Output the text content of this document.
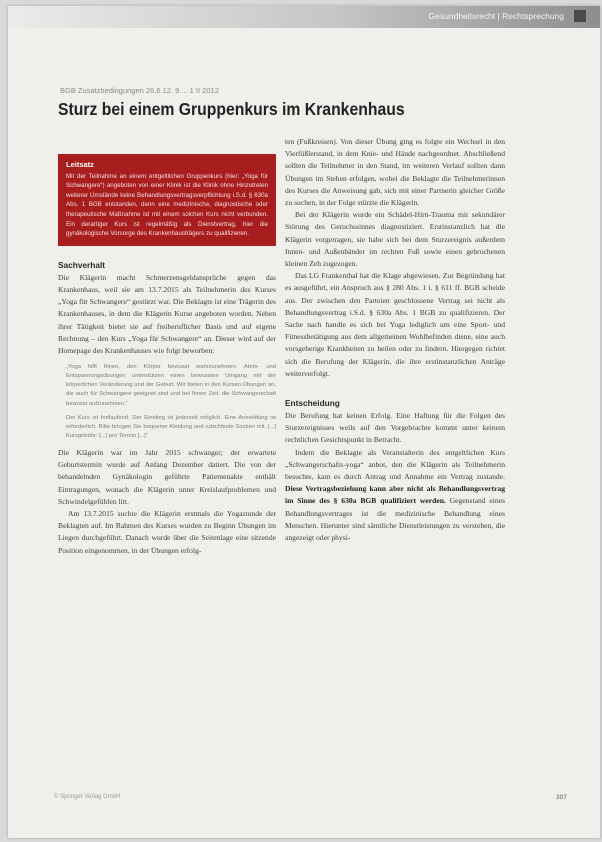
Gesundheitsrecht | Rechtsprechung
BGB Zusatzbedingungen 26.6.12. 9 ... 1 II 2012
Sturz bei einem Gruppenkurs im Krankenhaus
Leitsatz

Mit der Teilnahme an einem entgeltlichen Gruppenkurs (hier: „Yoga für Schwangere“) angeboten von einer Klinik ist die Klinik ohne Hinzutreten weiterer Umstände keine Behandlungsvertragsverpflichtung i.S.d. § 630a Abs. 1 BGB entstanden, denn eine medizinische, diagnostische oder therapeutische Maßnahme ist mit einem solchen Kurs nicht verbunden. Ein derartiger Kurs ist regelmäßig als Dienstvertrag, hier die gynäkologische Vorsorge des Krankenhausträgers zu qualifizieren.

Sachverhalt

Die Klägerin macht Schmerzensgeldansprüche gegen das Krankenhaus, weil sie am 13.7.2015 als Teilnehmerin des Kurses „Yoga für Schwangere“ gestürzt war. Die Beklagte ist eine Trägerin des Krankenhauses, in dem die Klägerin Kurse angeboten worden. Neben ihrer Tätigkeit bietet sie auf freiberuflicher Basis und auf eigene Rechnung – den Kurs „Yoga für Schwangere“ an. Dieser wird auf der Homepage des Krankenhauses wie folgt beworben:

„Yoga hilft Ihnen, den Körper bewusst wahrzunehmen. Atem- und Entspannungsübungen unterstützen einen bewussten Umgang mit der körperlichen Veränderung und der Geburt. Wir bieten in den Kursen Übungen an, die auch für Schwangere geeignet sind und bei Ihnen Zeit, die Schwangerschaft bewusst aufzunehmen.“

Der Kurs ist fortlaufend. Der Einstieg ist jederzeit möglich. Eine Anmeldung ist erforderlich. Bitte bringen Sie bequeme Kleidung und rutschfeste Socken mit. [...] Kursgebühr: [...] pro Termin [...]“

Die Klägerin war im Jahr 2015 schwanger; der erwartete Geburtstermin wurde auf Anfang Dezember datiert. Die von der behandelnden Gynäkologin geführte Patientenakte enthält Eintragungen, wonach die Klägerin unter Kreislaufproblemen und Schwindelgefühlen litt.

Am 13.7.2015 suchte die Klägerin erstmals die Yogastunde der Beklagten auf. Im Rahmen des Kurses wurden zu Beginn Übungen im Liegen durchgeführt. Danach wurde über die Seitenlage eine sitzende Position eingenommen, in der Übungen erfolg-

ten (Fußkreisen). Von dieser Übung ging es folgte ein Wechsel in den Vierfüßlerstand, in dem Knie- und Hände nachgeordnet. Abschließend sollten die Teilnehmer in den Stand, im weiteren Verlauf sollten dann Übungen im Stehen erfolgen, wobei die Beklagte die Teilnehmerinnen des Kurses die Anweisung gab, sich mit einer Partnerin gleicher Größe zu suchen, in der Folge stürzte die Klägerin.

Bei der Klägerin wurde ein Schädel-Hirn-Trauma mit sekundärer Störung des Geruchssinnes diagnostiziert. Erstinstanzlich hat die Klägerin vorgetragen, sie habe sich bei dem Sturzereignis außerdem Innen- und Außenbänder im rechten Fuß sowie einen gebrochenen kleinen Zeh zugezogen.

Das LG Frankenthal hat die Klage abgewiesen. Zur Begründung hat es ausgeführt, ein Anspruch aus § 280 Abs. 1 i. § 611 ff. BGB scheide aus. Der zwischen den Parteien geschlossene Vertrag sei nicht als Behandlungsvertrag i.S.d. § 630a Abs. 1 BGB zu qualifizieren. Der Sache nach handle es sich bei Yoga lediglich um eine Sport- und Fitnessbetätigung aus dem allgemeinen Wohlbefinden diene, eine auch vorsgeherige Krankheiten zu heilen oder zu lindern. Hiergegen richtet sich die Berufung der Klägerin, die ihre erstinstanzlichen Anträge weiterverfolgt.

Entscheidung

Die Berufung hat keinen Erfolg. Eine Haftung für die Folgen des Sturzereignisses weils auf den Vorgebrachte kommt unter keinem rechtlichen Gesichtspunkt in Betracht.

Indem die Beklagte als Veranstalterin des entgeltlichen Kurs „Schwangerschafts-yoga“ anbot, den die Klägerin als Teilnehmerin besuchte, kam es durch Antrag und Annahme ein Vertrag zustande. Diese Vertragsbeziehung kann aber nicht als Behandlungsvertrag im Sinne des § 630a BGB qualifiziert werden. Gegenstand eines Behandlungsvertrages ist die medizinische Behandlung eines Menschen. Hierunter sind sämtliche Dienstleistungen zu verstehen, die angezeigt oder physi-

© Springer Verlag GmbH	307
